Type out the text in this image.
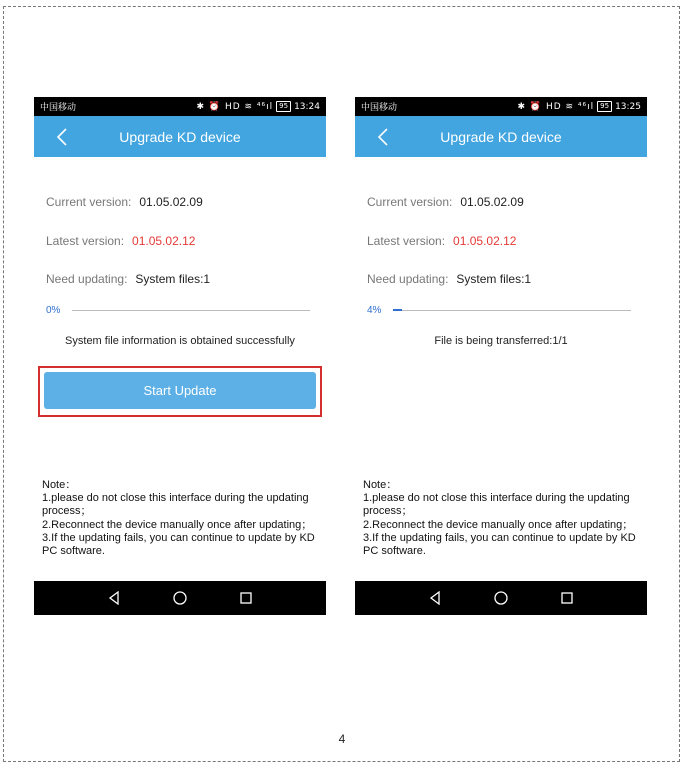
中国移动	✱ ⏰ HD ≋ ⁴⁶ıl 95 13:24
Upgrade KD device
Current version: 01.05.02.09
Latest version: 01.05.02.12
Need updating: System files:1
0%
System file information is obtained successfully
Start Update
Note：
1.please do not close this interface during the updating process；
2.Reconnect the device manually once after updating；
3.If the updating fails, you can continue to update by KD PC software.
中国移动	✱ ⏰ HD ≋ ⁴⁶ıl 95 13:25
Upgrade KD device
Current version: 01.05.02.09
Latest version: 01.05.02.12
Need updating: System files:1
4%
File is being transferred:1/1
Note：
1.please do not close this interface during the updating process；
2.Reconnect the device manually once after updating；
3.If the updating fails, you can continue to update by KD PC software.
4
